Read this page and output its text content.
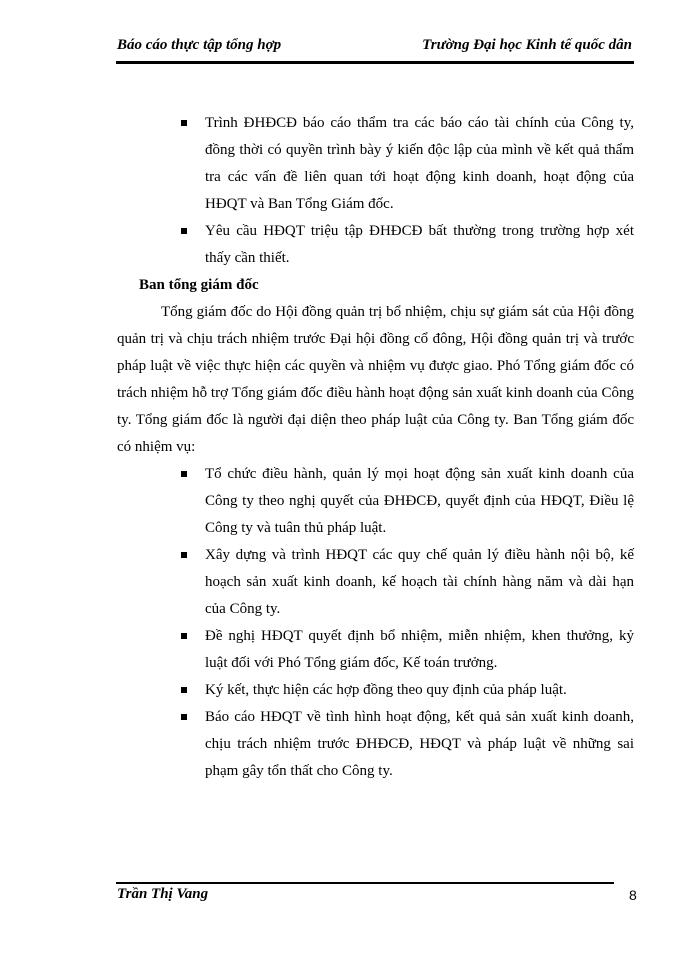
Báo cáo thực tập tổng hợp	Trường Đại học Kinh tế quốc dân
Trình ĐHĐCĐ báo cáo thẩm tra các báo cáo tài chính của Công ty, đồng thời có quyền trình bày ý kiến độc lập của mình về kết quả thẩm tra các vấn đề liên quan tới hoạt động kinh doanh, hoạt động của HĐQT và Ban Tổng Giám đốc.
Yêu cầu HĐQT triệu tập ĐHĐCĐ bất thường trong trường hợp xét thấy cần thiết.

Ban tổng giám đốc

Tổng giám đốc do Hội đồng quản trị bổ nhiệm, chịu sự giám sát của Hội đồng quản trị và chịu trách nhiệm trước Đại hội đồng cổ đông, Hội đồng quản trị và trước pháp luật về việc thực hiện các quyền và nhiệm vụ được giao. Phó Tổng giám đốc có trách nhiệm hỗ trợ Tổng giám đốc điều hành hoạt động sản xuất kinh doanh của Công ty. Tổng giám đốc là người đại diện theo pháp luật của Công ty. Ban Tổng giám đốc có nhiệm vụ:

Tổ chức điều hành, quản lý mọi hoạt động sản xuất kinh doanh của Công ty theo nghị quyết của ĐHĐCĐ, quyết định của HĐQT, Điều lệ Công ty và tuân thủ pháp luật.
Xây dựng và trình HĐQT các quy chế quản lý điều hành nội bộ, kế hoạch sản xuất kinh doanh, kế hoạch tài chính hàng năm và dài hạn của Công ty.
Đề nghị HĐQT quyết định bổ nhiệm, miễn nhiệm, khen thưởng, kỷ luật đối với Phó Tổng giám đốc, Kế toán trưởng.
Ký kết, thực hiện các hợp đồng theo quy định của pháp luật.
Báo cáo HĐQT về tình hình hoạt động, kết quả sản xuất kinh doanh, chịu trách nhiệm trước ĐHĐCĐ, HĐQT và pháp luật về những sai phạm gây tổn thất cho Công ty.
Trần Thị Vang	8
